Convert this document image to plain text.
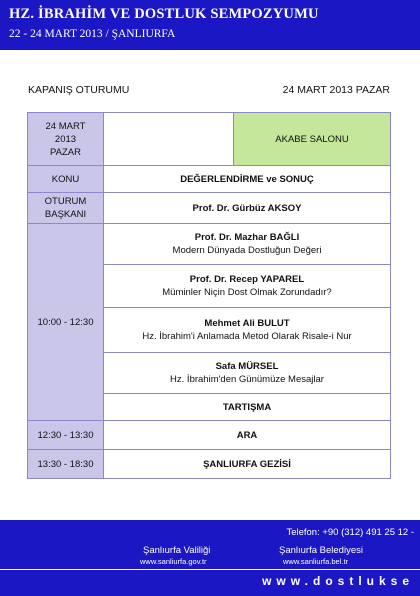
HZ. İBRAHİM VE DOSTLUK SEMPOZYUMU
22 - 24 MART 2013 / ŞANLIURFA
KAPANIŞ OTURUMU	24 MART 2013 PAZAR
24 MART
2013
PAZAR		AKABE SALONU
KONU	DEĞERLENDİRME ve SONUÇ	

OTURUM
BAŞKANI	Prof. Dr. Gürbüz AKSOY	
10:00 - 12:30	Prof. Dr. Mazhar BAĞLI
Modern Dünyada Dostluğun Değeri	

	Prof. Dr. Recep YAPAREL
Müminler Niçin Dost Olmak Zorundadır?	

	Mehmet Ali BULUT
Hz. İbrahim'i Anlamada Metod Olarak Risale-i Nur	

	Safa MÜRSEL
Hz. İbrahim'den Günümüze Mesajlar	

	TARTIŞMA	
12:30 - 13:30	ARA	
13:30 - 18:30	ŞANLIURFA GEZİSİ	
Telefon: +90 (312) 491 25 12 -
Şanlıurfa Valiliği
www.sanliurfa.gov.tr
Şanlıurfa Belediyesi
www.sanliurfa.bel.tr
www.dostlukse
